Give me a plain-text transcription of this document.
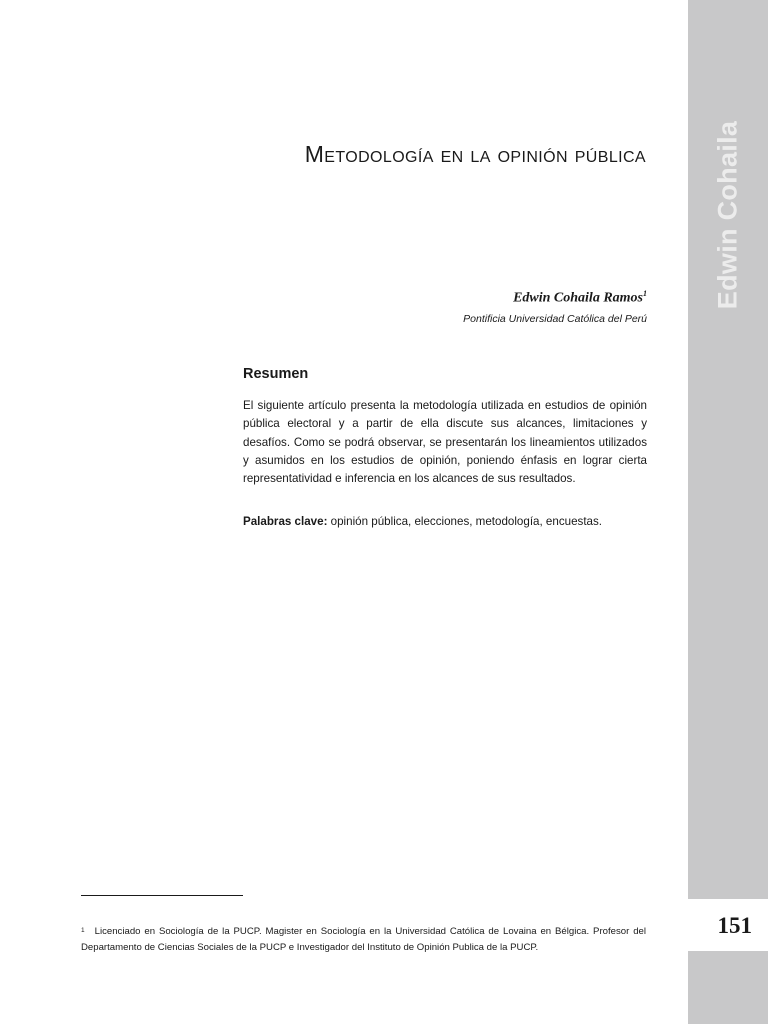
Edwin Cohaila
151
Metodología en la opinión pública
Edwin Cohaila Ramos$^1$
Pontificia Universidad Católica del Perú
Resumen

El siguiente artículo presenta la metodología utilizada en estudios de opinión pública electoral y a partir de ella discute sus alcances, limitaciones y desafíos. Como se podrá observar, se presentarán los lineamientos utilizados y asumidos en los estudios de opinión, poniendo énfasis en lograr cierta representatividad e inferencia en los alcances de sus resultados.

Palabras clave: opinión pública, elecciones, metodología, encuestas.

$^1$ Licenciado en Sociología de la PUCP. Magister en Sociología en la Universidad Católica de Lovaina en Bélgica. Profesor del Departamento de Ciencias Sociales de la PUCP e Investigador del Instituto de Opinión Publica de la PUCP.
